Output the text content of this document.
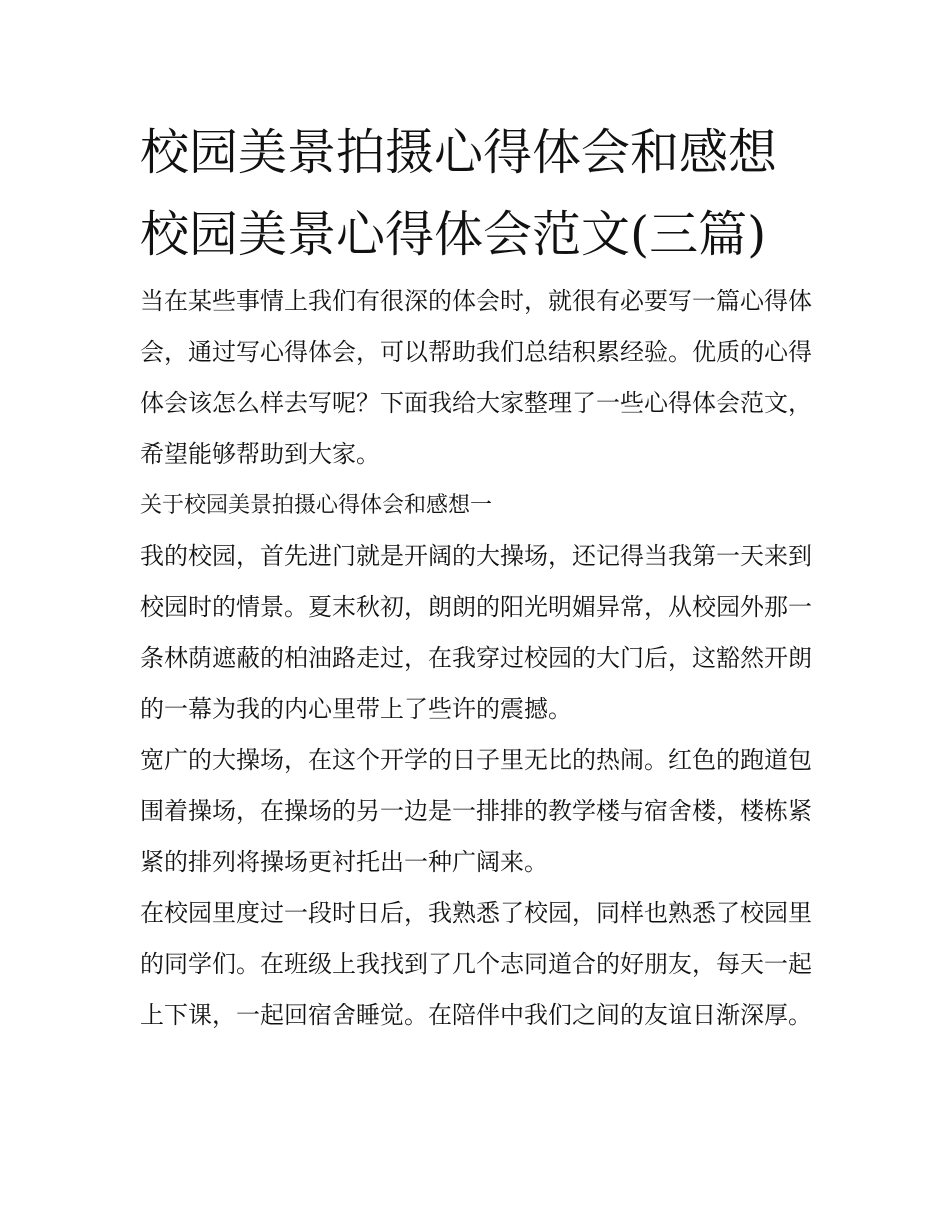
校园美景拍摄心得体会和感想
校园美景心得体会范文(三篇)

当在某些事情上我们有很深的体会时，就很有必要写一篇心得体会，通过写心得体会，可以帮助我们总结积累经验。优质的心得体会该怎么样去写呢？下面我给大家整理了一些心得体会范文，希望能够帮助到大家。

关于校园美景拍摄心得体会和感想一

我的校园，首先进门就是开阔的大操场，还记得当我第一天来到校园时的情景。夏末秋初，朗朗的阳光明媚异常，从校园外那一条林荫遮蔽的柏油路走过，在我穿过校园的大门后，这豁然开朗的一幕为我的内心里带上了些许的震撼。

宽广的大操场，在这个开学的日子里无比的热闹。红色的跑道包围着操场，在操场的另一边是一排排的教学楼与宿舍楼，楼栋紧紧的排列将操场更衬托出一种广阔来。

在校园里度过一段时日后，我熟悉了校园，同样也熟悉了校园里的同学们。在班级上我找到了几个志同道合的好朋友，每天一起上下课，一起回宿舍睡觉。在陪伴中我们之间的友谊日渐深厚。
